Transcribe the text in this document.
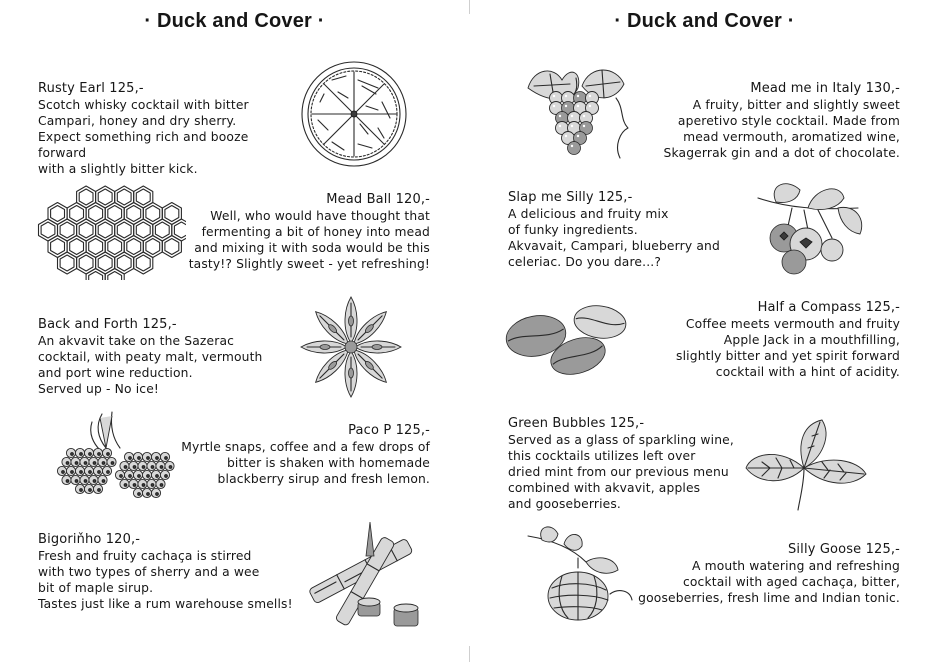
· Duck and Cover ·
Rusty Earl 125,-
Scotch whisky cocktail with bitter
Campari, honey and dry sherry.
Expect something rich and booze forward
with a slightly bitter kick.
Mead Ball 120,-
Well, who would have thought that
fermenting a bit of honey into mead
and mixing it with soda would be this
tasty!? Slightly sweet - yet refreshing!
Back and Forth 125,-
An akvavit take on the Sazerac
cocktail, with peaty malt, vermouth
and port wine reduction.
Served up - No ice!
Paco P 125,-
Myrtle snaps, coffee and a few drops of
bitter is shaken with homemade
blackberry sirup and fresh lemon.
Bigoriňho 120,-
Fresh and fruity cachaça is stirred
with two types of sherry and a wee
bit of maple sirup.
Tastes just like a rum warehouse smells!
· Duck and Cover ·
Mead me in Italy 130,-
A fruity, bitter and slightly sweet
aperetivo style cocktail. Made from
mead vermouth, aromatized wine,
Skagerrak gin and a dot of chocolate.
Slap me Silly 125,-
A delicious and fruity mix
of funky ingredients.
Akvavait, Campari, blueberry and
celeriac. Do you dare...?
Half a Compass 125,-
Coffee meets vermouth and fruity
Apple Jack in a mouthfilling,
slightly bitter and yet spirit forward
cocktail with a hint of acidity.
Green Bubbles 125,-
Served as a glass of sparkling wine,
this cocktails utilizes left over
dried mint from our previous menu
combined with akvavit, apples
and gooseberries.
Silly Goose 125,-
A mouth watering and refreshing
cocktail with aged cachaça, bitter,
gooseberries, fresh lime and Indian tonic.
